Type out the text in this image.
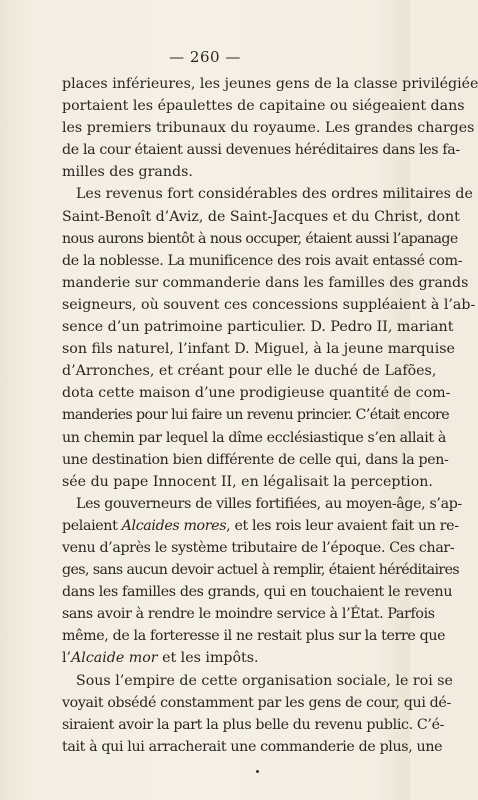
— 260 —
places inférieures, les jeunes gens de la classe privilégiée
portaient les épaulettes de capitaine ou siégeaient dans
les premiers tribunaux du royaume. Les grandes charges
de la cour étaient aussi devenues héréditaires dans les fa-
milles des grands.
Les revenus fort considérables des ordres militaires de
Saint-Benoît d’Aviz, de Saint-Jacques et du Christ, dont
nous aurons bientôt à nous occuper, étaient aussi l’apanage
de la noblesse. La munificence des rois avait entassé com-
manderie sur commanderie dans les familles des grands
seigneurs, où souvent ces concessions suppléaient à l’ab-
sence d’un patrimoine particulier. D. Pedro II, mariant
son fils naturel, l’infant D. Miguel, à la jeune marquise
d’Arronches, et créant pour elle le duché de Lafões,
dota cette maison d’une prodigieuse quantité de com-
manderies pour lui faire un revenu princier. C’était encore
un chemin par lequel la dîme ecclésiastique s’en allait à
une destination bien différente de celle qui, dans la pen-
sée du pape Innocent II, en légalisait la perception.
Les gouverneurs de villes fortifiées, au moyen-âge, s’ap-
pelaient Alcaides mores, et les rois leur avaient fait un re-
venu d’après le système tributaire de l’époque. Ces char-
ges, sans aucun devoir actuel à remplir, étaient héréditaires
dans les familles des grands, qui en touchaient le revenu
sans avoir à rendre le moindre service à l’État. Parfois
même, de la forteresse il ne restait plus sur la terre que
l’Alcaide mor et les impôts.
Sous l’empire de cette organisation sociale, le roi se
voyait obsédé constamment par les gens de cour, qui dé-
siraient avoir la part la plus belle du revenu public. C’é-
tait à qui lui arracherait une commanderie de plus, une
